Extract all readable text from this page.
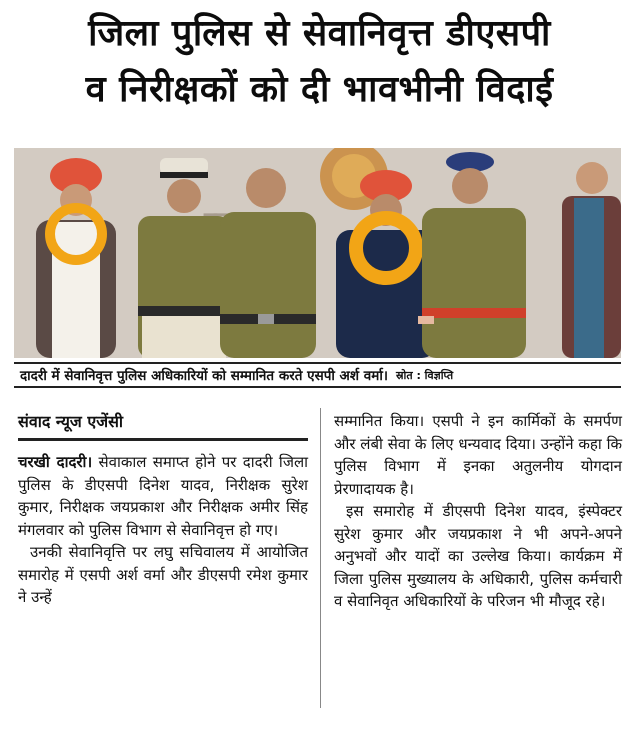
जिला पुलिस से सेवानिवृत्त डीएसपी
व निरीक्षकों को दी भावभीनी विदाई
दादरी में सेवानिवृत्त पुलिस अधिकारियों को सम्मानित करते एसपी अर्श वर्मा। स्रोत : विज्ञप्ति
संवाद न्यूज एजेंसी

चरखी दादरी। सेवाकाल समाप्त होने पर दादरी जिला पुलिस के डीएसपी दिनेश यादव, निरीक्षक सुरेश कुमार, निरीक्षक जयप्रकाश और निरीक्षक अमीर सिंह मंगलवार को पुलिस विभाग से सेवानिवृत्त हो गए।

उनकी सेवानिवृत्ति पर लघु सचिवालय में आयोजित समारोह में एसपी अर्श वर्मा और डीएसपी रमेश कुमार ने उन्हें

सम्मानित किया। एसपी ने इन कार्मिकों के समर्पण और लंबी सेवा के लिए धन्यवाद दिया। उन्होंने कहा कि पुलिस विभाग में इनका अतुलनीय योगदान प्रेरणादायक है।

इस समारोह में डीएसपी दिनेश यादव, इंस्पेक्टर सुरेश कुमार और जयप्रकाश ने भी अपने-अपने अनुभवों और यादों का उल्लेख किया। कार्यक्रम में जिला पुलिस मुख्यालय के अधिकारी, पुलिस कर्मचारी व सेवानिवृत अधिकारियों के परिजन भी मौजूद रहे।
